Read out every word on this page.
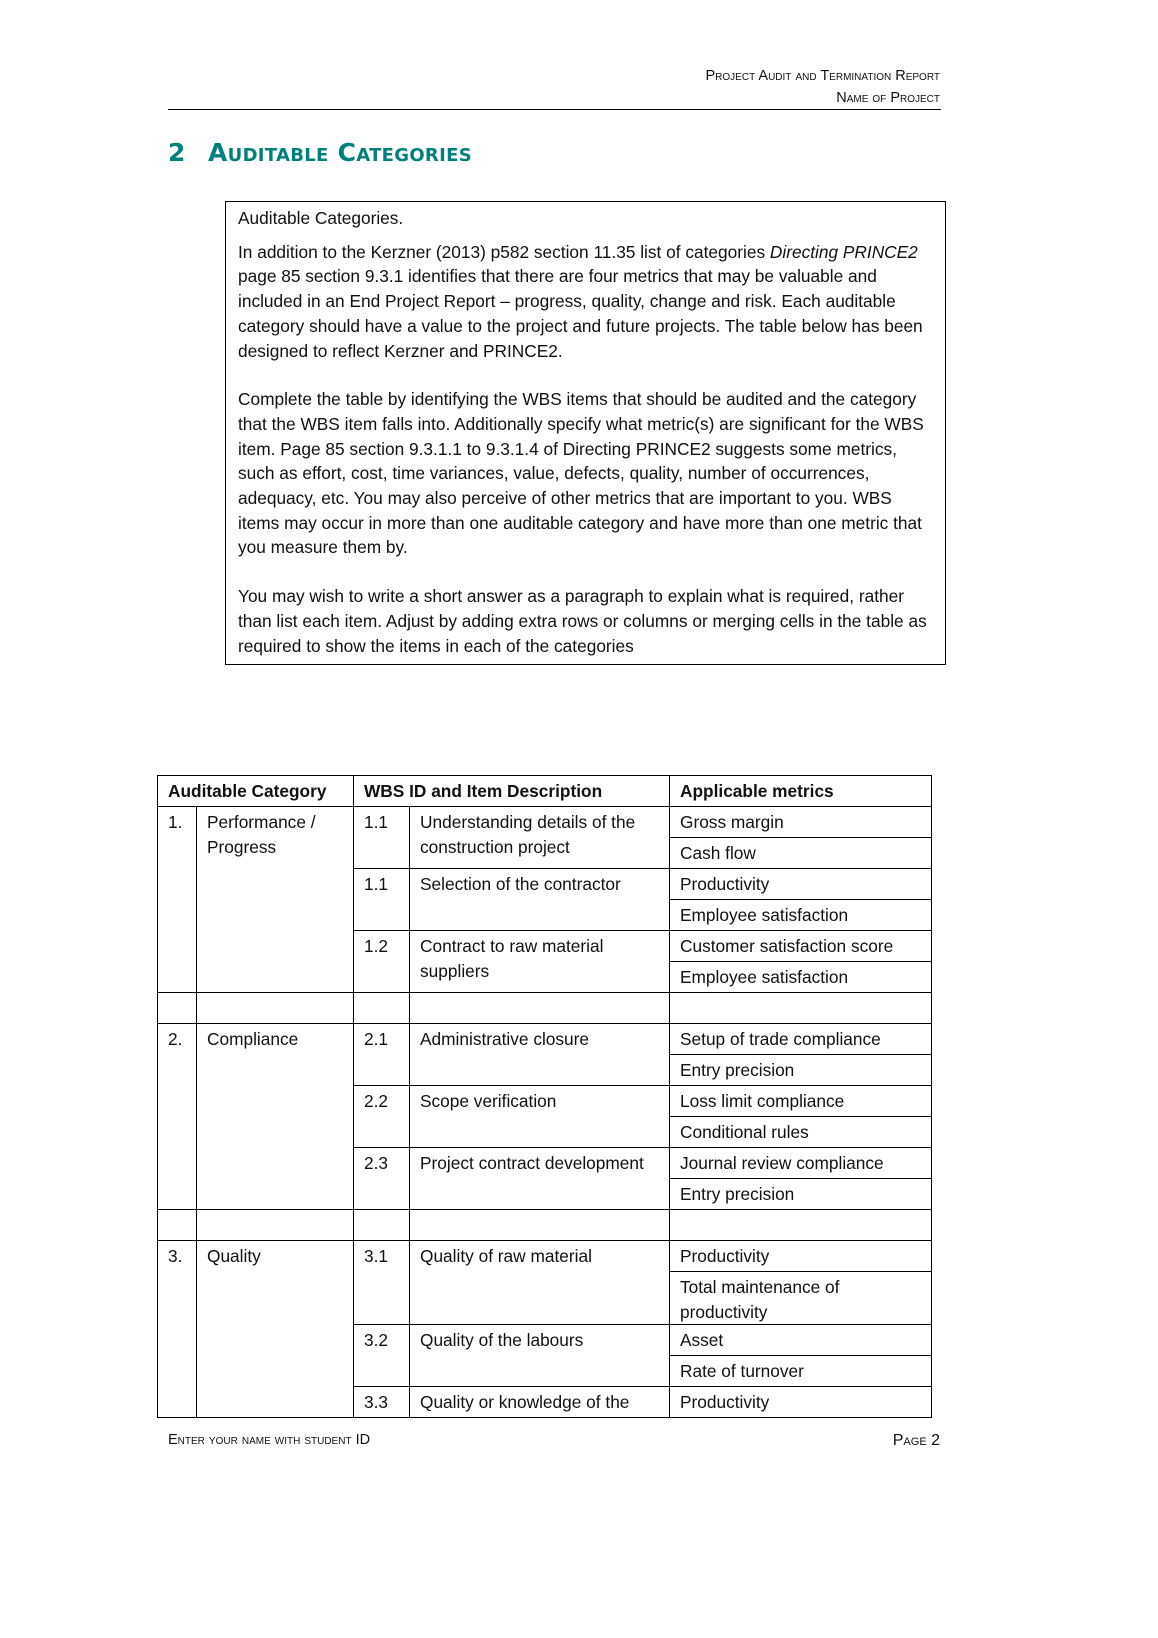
Project Audit and Termination Report
Name of Project
2 Auditable Categories

Auditable Categories.

In addition to the Kerzner (2013) p582 section 11.35 list of categories Directing PRINCE2 page 85 section 9.3.1 identifies that there are four metrics that may be valuable and included in an End Project Report – progress, quality, change and risk. Each auditable category should have a value to the project and future projects. The table below has been designed to reflect Kerzner and PRINCE2.

Complete the table by identifying the WBS items that should be audited and the category that the WBS item falls into. Additionally specify what metric(s) are significant for the WBS item. Page 85 section 9.3.1.1 to 9.3.1.4 of Directing PRINCE2 suggests some metrics, such as effort, cost, time variances, value, defects, quality, number of occurrences, adequacy, etc. You may also perceive of other metrics that are important to you. WBS items may occur in more than one auditable category and have more than one metric that you measure them by.

You may wish to write a short answer as a paragraph to explain what is required, rather than list each item. Adjust by adding extra rows or columns or merging cells in the table as required to show the items in each of the categories

Auditable Category		WBS ID and Item Description		Applicable metrics
1.	Performance / Progress	1.1	Understanding details of the construction project	Gross margin
				Cash flow
		1.1	Selection of the contractor	Productivity
				Employee satisfaction
		1.2	Contract to raw material suppliers	Customer satisfaction score
				Employee satisfaction

2.	Compliance	2.1	Administrative closure	Setup of trade compliance
				Entry precision
		2.2	Scope verification	Loss limit compliance
				Conditional rules
		2.3	Project contract development	Journal review compliance
				Entry precision

3.	Quality	3.1	Quality of raw material	Productivity
				Total maintenance of productivity
		3.2	Quality of the labours	Asset
				Rate of turnover
		3.3	Quality or knowledge of the	Productivity
Enter your name with student ID	Page 2
